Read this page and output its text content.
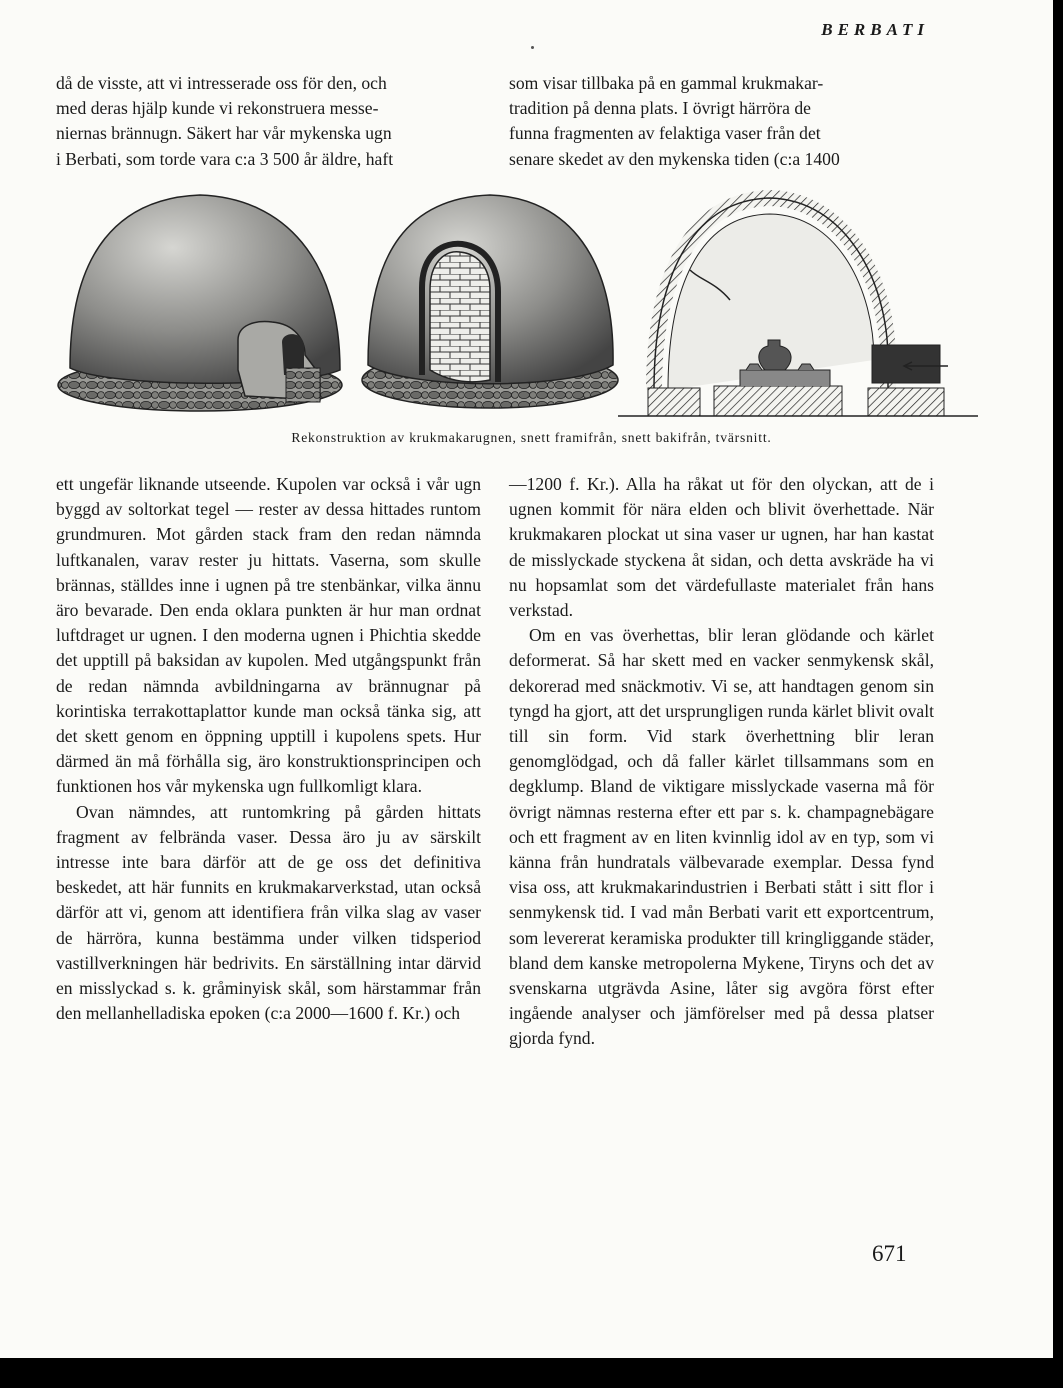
BERBATI

då de visste, att vi intresserade oss för den, och

med deras hjälp kunde vi rekonstruera messe-

niernas brännugn. Säkert har vår mykenska ugn

i Berbati, som torde vara c:a 3 500 år äldre, haft

som visar tillbaka på en gammal krukmakar-

tradition på denna plats. I övrigt härröra de

funna fragmenten av felaktiga vaser från det

senare skedet av den mykenska tiden (c:a 1400

Rekonstruktion av krukmakarugnen, snett framifrån, snett bakifrån, tvärsnitt.

ett ungefär liknande utseende. Kupolen var också i vår ugn byggd av soltorkat tegel — rester av dessa hittades runtom grundmuren. Mot gården stack fram den redan nämnda luftkanalen, varav rester ju hittats. Vaserna, som skulle brännas, ställdes inne i ugnen på tre stenbänkar, vilka ännu äro bevarade. Den enda oklara punkten är hur man ordnat luftdraget ur ugnen. I den moderna ugnen i Phichtia skedde det upptill på baksidan av kupolen. Med utgångspunkt från de redan nämnda avbildningarna av brännugnar på korintiska terrakottaplattor kunde man också tänka sig, att det skett genom en öppning upptill i kupolens spets. Hur därmed än må förhålla sig, äro konstruktionsprincipen och funktionen hos vår mykenska ugn fullkomligt klara.

Ovan nämndes, att runtomkring på gården hittats fragment av felbrända vaser. Dessa äro ju av särskilt intresse inte bara därför att de ge oss det definitiva beskedet, att här funnits en krukmakarverkstad, utan också därför att vi, genom att identifiera från vilka slag av vaser de härröra, kunna bestämma under vilken tidsperiod vastillverkningen här bedrivits. En särställning intar därvid en misslyckad s. k. gråminyisk skål, som härstammar från den mellanhelladiska epoken (c:a 2000—1600 f. Kr.) och

—1200 f. Kr.). Alla ha råkat ut för den olyckan, att de i ugnen kommit för nära elden och blivit överhettade. När krukmakaren plockat ut sina vaser ur ugnen, har han kastat de misslyckade styckena åt sidan, och detta avskräde ha vi nu hopsamlat som det värdefullaste materialet från hans verkstad.

Om en vas överhettas, blir leran glödande och kärlet deformerat. Så har skett med en vacker senmykensk skål, dekorerad med snäckmotiv. Vi se, att handtagen genom sin tyngd ha gjort, att det ursprungligen runda kärlet blivit ovalt till sin form. Vid stark överhettning blir leran genomglödgad, och då faller kärlet tillsammans som en degklump. Bland de viktigare misslyckade vaserna må för övrigt nämnas resterna efter ett par s. k. champagnebägare och ett fragment av en liten kvinnlig idol av en typ, som vi känna från hundratals välbevarade exemplar. Dessa fynd visa oss, att krukmakarindustrien i Berbati stått i sitt flor i senmykensk tid. I vad mån Berbati varit ett exportcentrum, som levererat keramiska produkter till kringliggande städer, bland dem kanske metropolerna Mykene, Tiryns och det av svenskarna utgrävda Asine, låter sig avgöra först efter ingående analyser och jämförelser med på dessa platser gjorda fynd.

671
